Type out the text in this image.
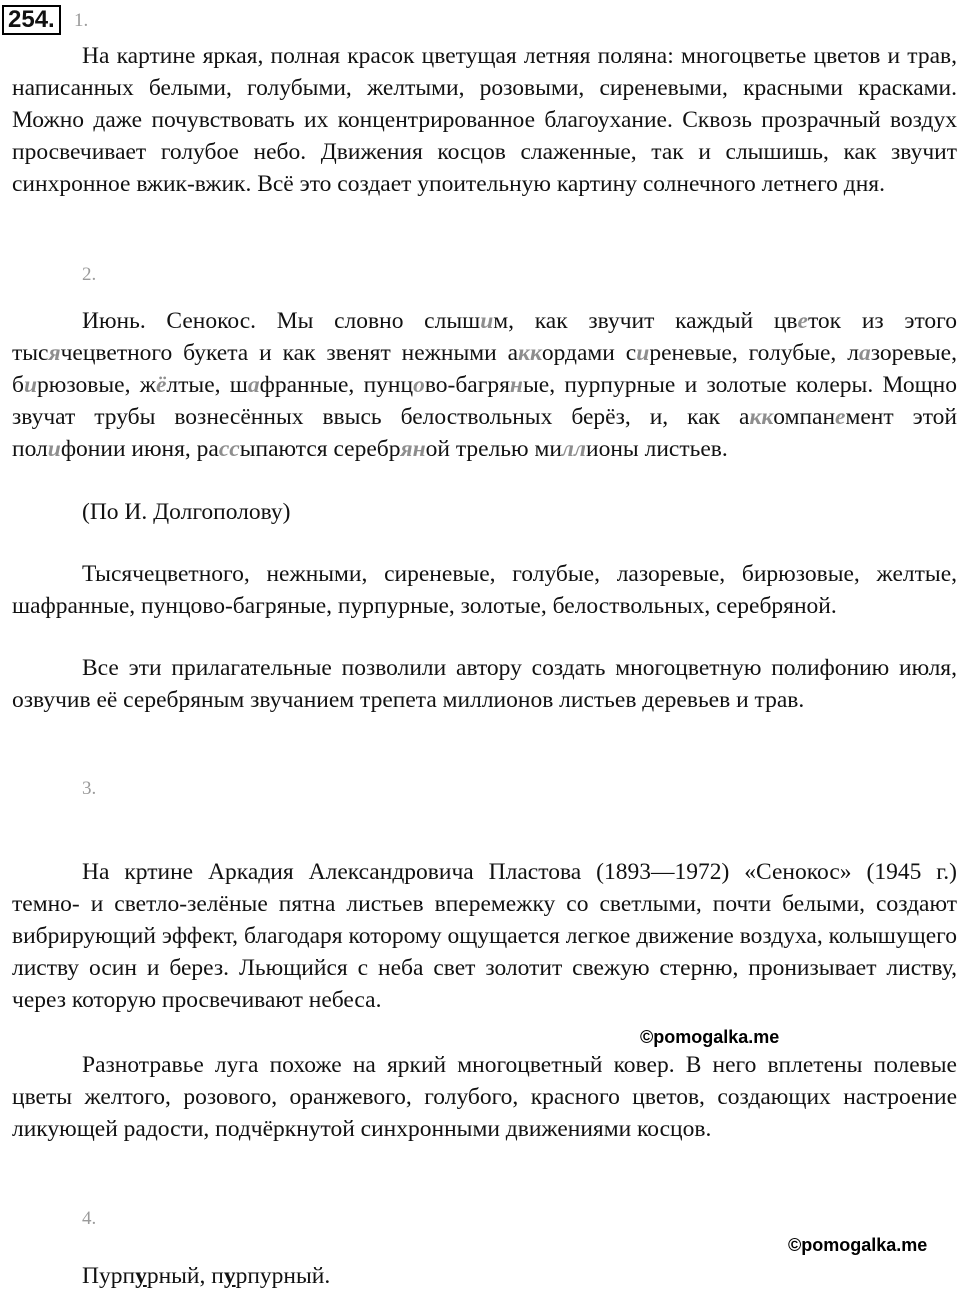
254.	1.

На картине яркая, полная красок цветущая летняя поляна: многоцветье цветов и трав, написанных белыми, голубыми, желтыми, розовыми, сиреневыми, красными красками. Можно даже почувствовать их концентрированное благоухание. Сквозь прозрачный воздух просвечивает голубое небо. Движения косцов слаженные, так и слышишь, как звучит синхронное вжик-вжик. Всё это создает упоительную картину солнечного летнего дня.

2.

Июнь. Сенокос. Мы словно слышим, как звучит каждый цветок из этого тысячецветного букета и как звенят нежными аккордами сиреневые, голубые, лазоревые, бирюзовые, жёлтые, шафранные, пунцово-багряные, пурпурные и золотые колеры. Мощно звучат трубы вознесённых ввысь белоствольных берёз, и, как аккомпанемент этой полифонии июня, рассыпаются серебряной трелью миллионы листьев.

(По И. Долгополову)

Тысячецветного, нежными, сиреневые, голубые, лазоревые, бирюзовые, желтые, шафранные, пунцово-багряные, пурпурные, золотые, белоствольных, серебряной.

Все эти прилагательные позволили автору создать многоцветную полифонию июля, озвучив её серебряным звучанием трепета миллионов листьев деревьев и трав.

3.

На кртине Аркадия Александровича Пластова (1893—1972) «Сенокос» (1945 г.) темно- и светло-зелёные пятна листьев вперемежку со светлыми, почти белыми, создают вибрирующий эффект, благодаря которому ощущается легкое движение воздуха, колышущего листву осин и берез. Льющийся с неба свет золотит свежую стерню, пронизывает листву, через которую просвечивают небеса.

©pomogalka.me

Разнотравье луга похоже на яркий многоцветный ковер. В него вплетены полевые цветы желтого, розового, оранжевого, голубого, красного цветов, создающих настроение ликующей радости, подчёркнутой синхронными движениями косцов.

4.
©pomogalka.me

Пурпурный, пурпурный.
